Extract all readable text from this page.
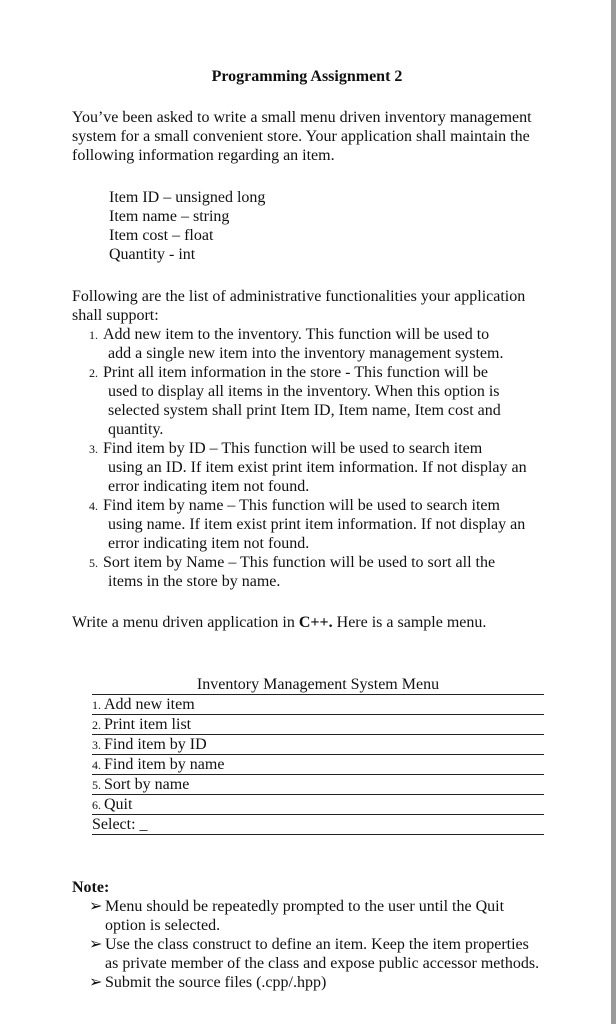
Programming Assignment 2
You’ve been asked to write a small menu driven inventory management system for a small convenient store. Your application shall maintain the following information regarding an item.
Item ID – unsigned long
Item name – string
Item cost – float
Quantity - int
Following are the list of administrative functionalities your application shall support:
1. Add new item to the inventory. This function will be used to
add a single new item into the inventory management system.
2. Print all item information in the store - This function will be
used to display all items in the inventory. When this option is selected system shall print Item ID, Item name, Item cost and quantity.
3. Find item by ID – This function will be used to search item
using an ID. If item exist print item information. If not display an error indicating item not found.
4. Find item by name – This function will be used to search item
using name. If item exist print item information. If not display an error indicating item not found.
5. Sort item by Name – This function will be used to sort all the
items in the store by name.
Write a menu driven application in C++. Here is a sample menu.
Inventory Management System Menu
1. Add new item
2. Print item list
3. Find item by ID
4. Find item by name
5. Sort by name
6. Quit
Select: _
Note:
➢ Menu should be repeatedly prompted to the user until the Quit option is selected.
➢ Use the class construct to define an item. Keep the item properties as private member of the class and expose public accessor methods.
➢ Submit the source files (.cpp/.hpp)
